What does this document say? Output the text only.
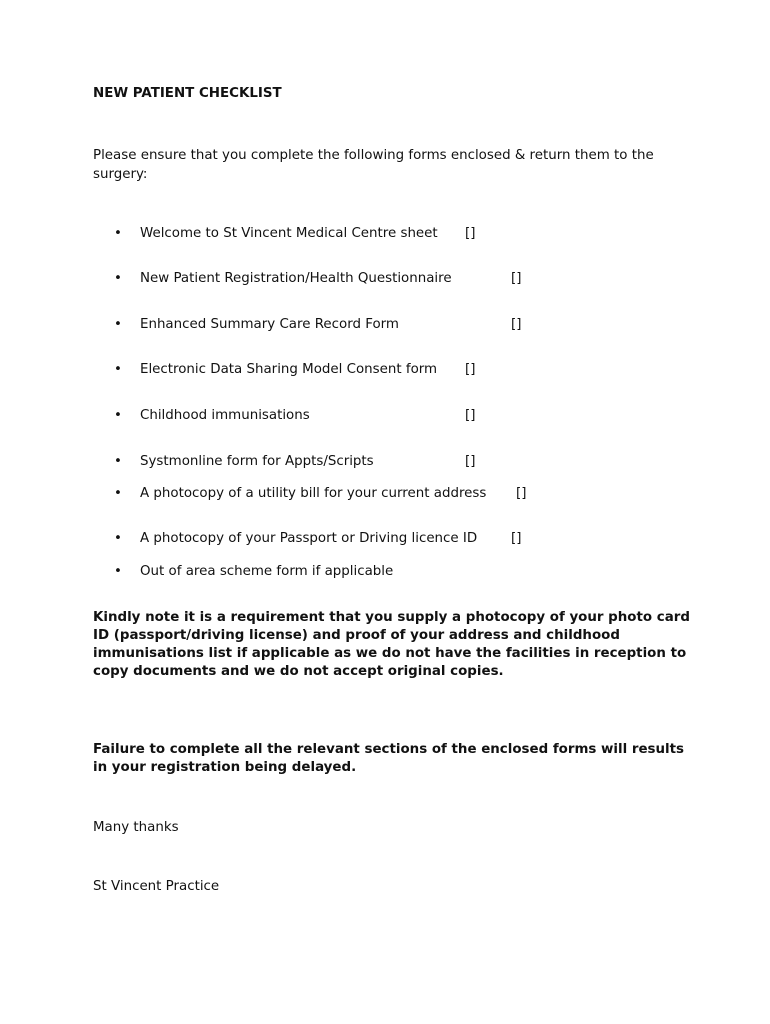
NEW PATIENT CHECKLIST
Please ensure that you complete the following forms enclosed & return them to the surgery:
• Welcome to St Vincent Medical Centre sheet []
• New Patient Registration/Health Questionnaire	[]
• Enhanced Summary Care Record Form	[]
• Electronic Data Sharing Model Consent form []
• Childhood immunisations	[]
• Systmonline form for Appts/Scripts	[]
• A photocopy of a utility bill for your current address []
• A photocopy of your Passport or Driving licence ID	[]
• Out of area scheme form if applicable
Kindly note it is a requirement that you supply a photocopy of your photo card ID (passport/driving license) and proof of your address and childhood immunisations list if applicable as we do not have the facilities in reception to copy documents and we do not accept original copies.
Failure to complete all the relevant sections of the enclosed forms will results in your registration being delayed.
Many thanks
St Vincent Practice
